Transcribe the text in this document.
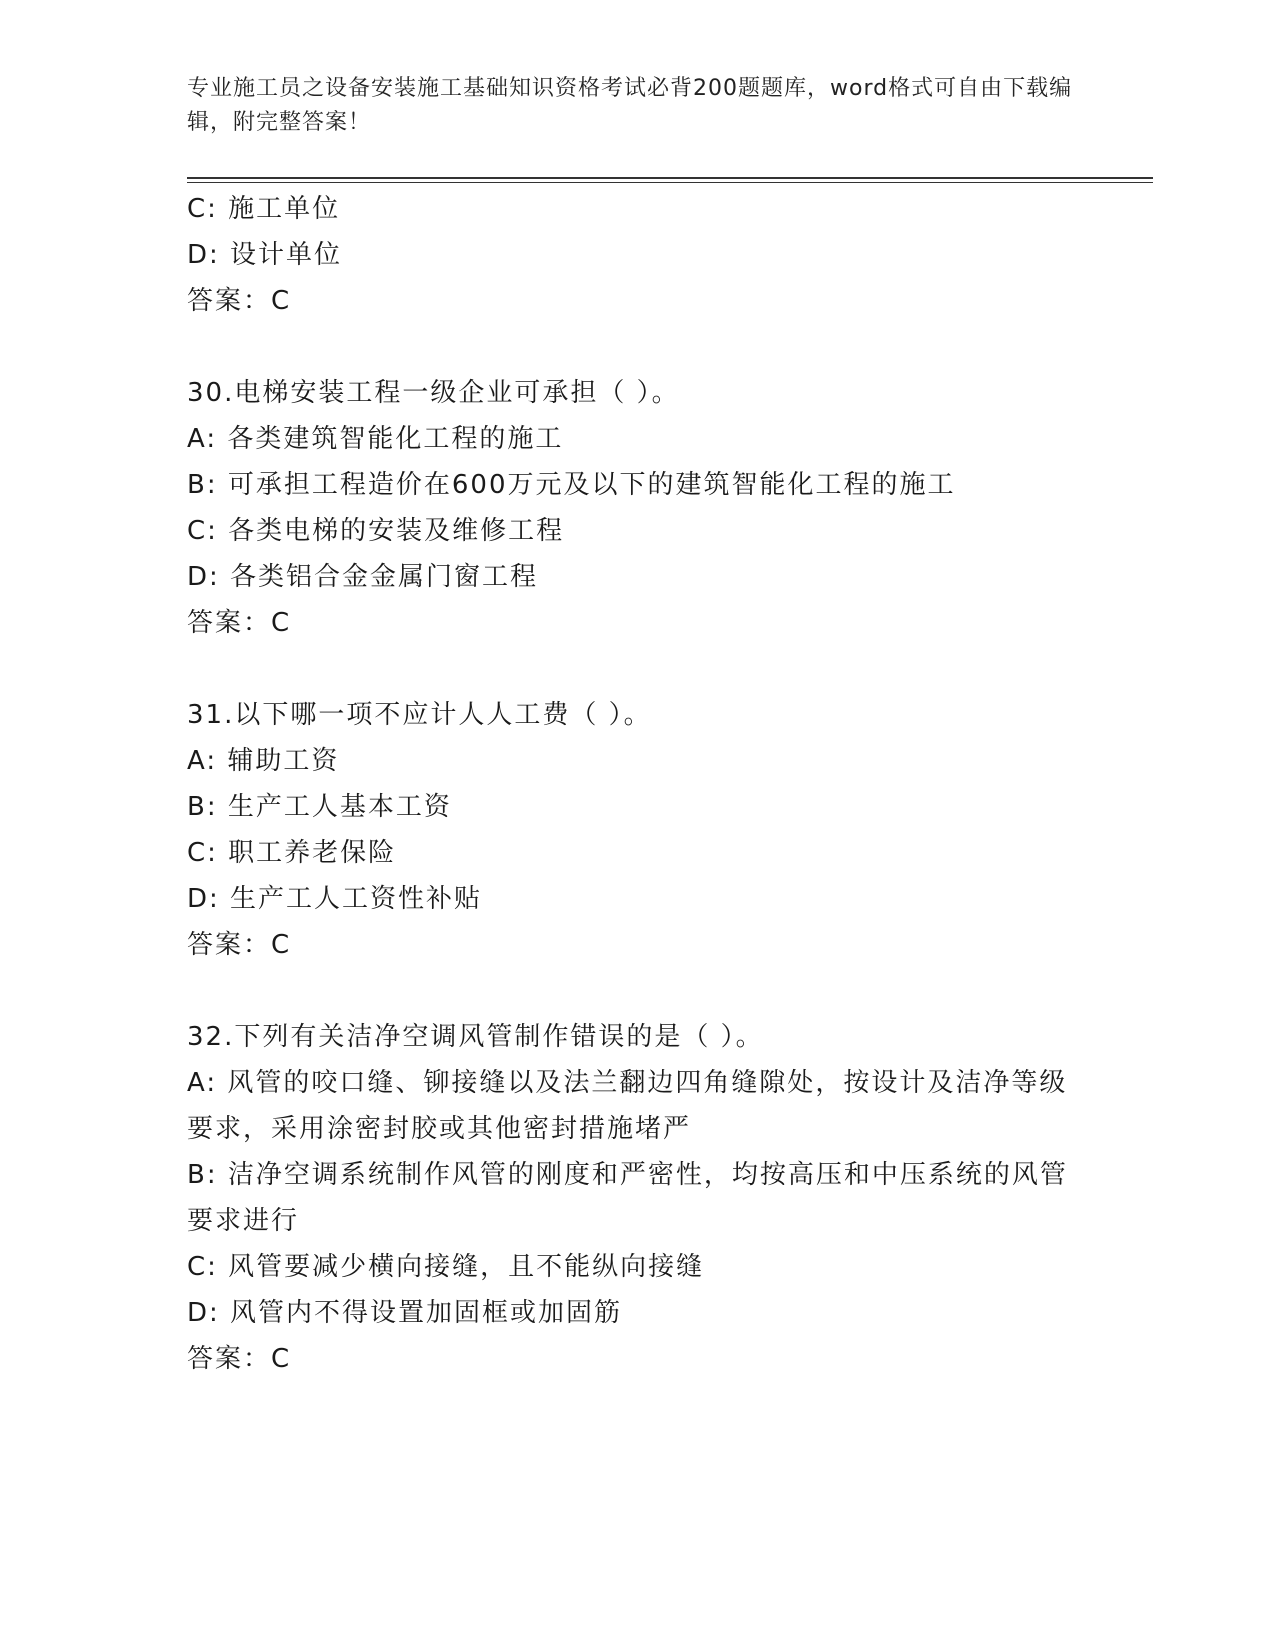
专业施工员之设备安装施工基础知识资格考试必背200题题库，word格式可自由下载编辑，附完整答案！

C: 施工单位

D: 设计单位

答案：C

30.电梯安装工程一级企业可承担（ ）。

A: 各类建筑智能化工程的施工

B: 可承担工程造价在600万元及以下的建筑智能化工程的施工

C: 各类电梯的安装及维修工程

D: 各类铝合金金属门窗工程

答案：C

31.以下哪一项不应计人人工费（ ）。

A: 辅助工资

B: 生产工人基本工资

C: 职工养老保险

D: 生产工人工资性补贴

答案：C

32.下列有关洁净空调风管制作错误的是（ ）。

A: 风管的咬口缝、铆接缝以及法兰翻边四角缝隙处，按设计及洁净等级要求，采用涂密封胶或其他密封措施堵严

B: 洁净空调系统制作风管的刚度和严密性，均按高压和中压系统的风管要求进行

C: 风管要减少横向接缝，且不能纵向接缝

D: 风管内不得设置加固框或加固筋

答案：C
